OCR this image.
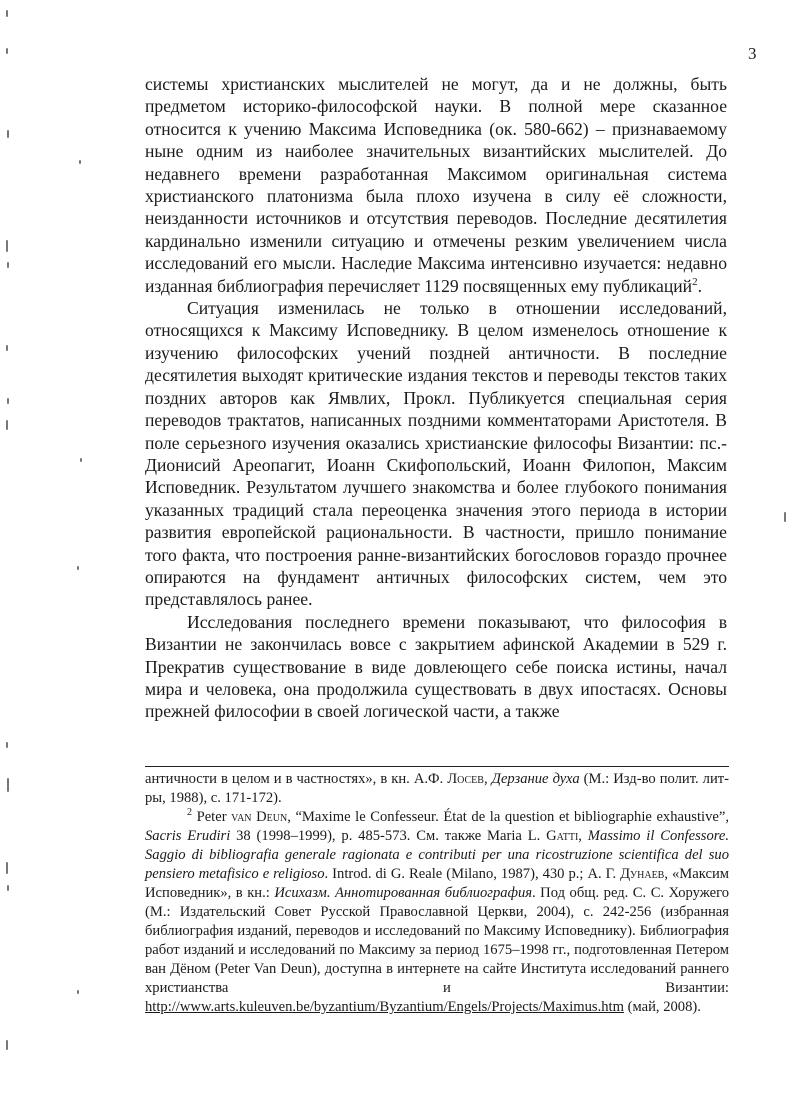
3

системы христианских мыслителей не могут, да и не должны, быть предметом историко-философской науки. В полной мере сказанное относится к учению Максима Исповедника (ок. 580-662) – признаваемому ныне одним из наиболее значительных византийских мыслителей. До недавнего времени разработанная Максимом оригинальная система христианского платонизма была плохо изучена в силу её сложности, неизданности источников и отсутствия переводов. Последние десятилетия кардинально изменили ситуацию и отмечены резким увеличением числа исследований его мысли. Наследие Максима интенсивно изучается: недавно изданная библиография перечисляет 1129 посвященных ему публикаций$^2$.

Ситуация изменилась не только в отношении исследований, относящихся к Максиму Исповеднику. В целом изменелось отношение к изучению философских учений поздней античности. В последние десятилетия выходят критические издания текстов и переводы текстов таких поздних авторов как Ямвлих, Прокл. Публикуется специальная серия переводов трактатов, написанных поздними комментаторами Аристотеля. В поле серьезного изучения оказались христианские философы Византии: пс.-Дионисий Ареопагит, Иоанн Скифопольский, Иоанн Филопон, Максим Исповедник. Результатом лучшего знакомства и более глубокого понимания указанных традиций стала переоценка значения этого периода в истории развития европейской рациональности. В частности, пришло понимание того факта, что построения ранне-византийских богословов гораздо прочнее опираются на фундамент античных философских систем, чем это представлялось ранее.

Исследования последнего времени показывают, что философия в Византии не закончилась вовсе с закрытием афинской Академии в 529 г. Прекратив существование в виде довлеющего себе поиска истины, начал мира и человека, она продолжила существовать в двух ипостасях. Основы прежней философии в своей логической части, а также

античности в целом и в частностях», в кн. А.Ф. Лосев, Дерзание духа (М.: Изд-во полит. лит-ры, 1988), с. 171-172).

$^2$ Peter van Deun, “Maxime le Confesseur. État de la question et bibliographie exhaustive”, Sacris Erudiri 38 (1998–1999), p. 485-573. См. также Maria L. Gatti, Massimo il Confessore. Saggio di bibliografia generale ragionata e contributi per una ricostruzione scientifica del suo pensiero metafisico e religioso. Introd. di G. Reale (Milano, 1987), 430 p.; А. Г. Дунаев, «Максим Исповедник», в кн.: Исихазм. Аннотированная библиография. Под общ. ред. С. С. Хоружего (М.: Издательский Совет Русской Православной Церкви, 2004), с. 242-256 (избранная библиография изданий, переводов и исследований по Максиму Исповеднику). Библиография работ изданий и исследований по Максиму за период 1675–1998 гг., подготовленная Петером ван Дёном (Peter Van Deun), доступна в интернете на сайте Института исследований раннего христианства и Византии: http://www.arts.kuleuven.be/byzantium/Byzantium/Engels/Projects/Maximus.htm (май, 2008).
